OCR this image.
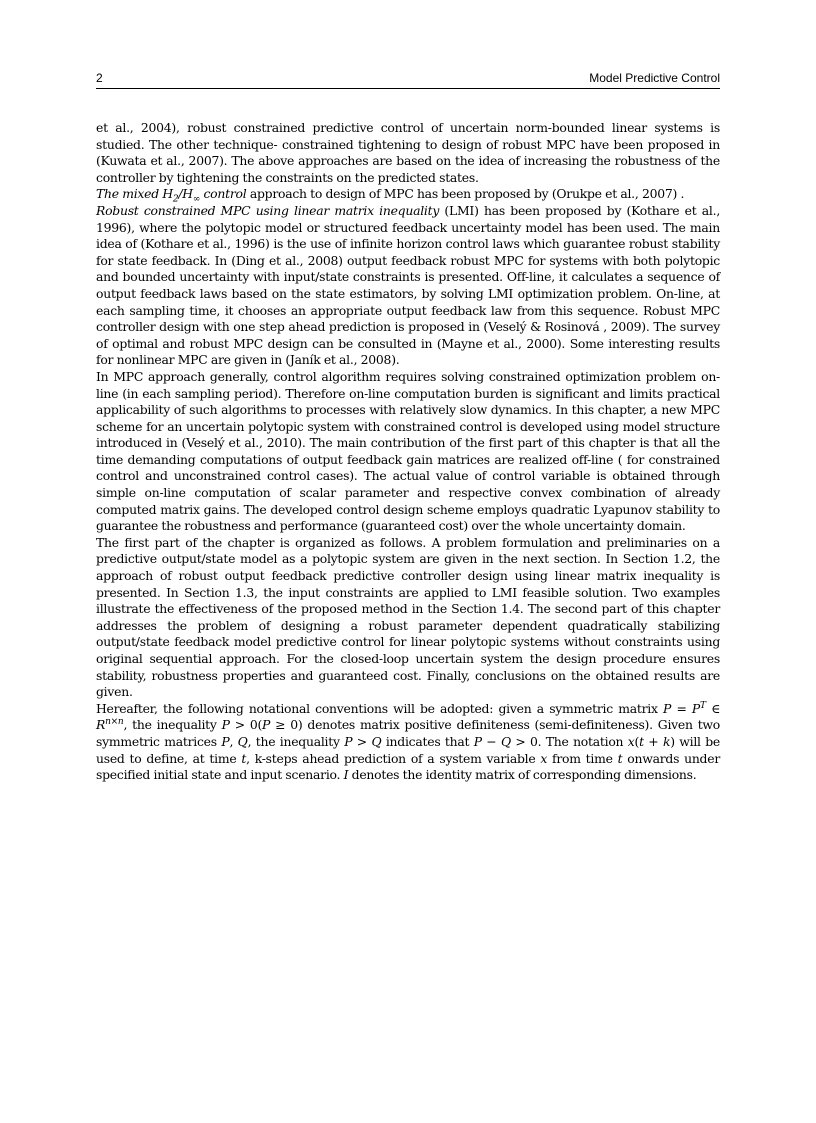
2	Model Predictive Control

et al., 2004), robust constrained predictive control of uncertain norm-bounded linear systems is studied. The other technique- constrained tightening to design of robust MPC have been proposed in (Kuwata et al., 2007). The above approaches are based on the idea of increasing the robustness of the controller by tightening the constraints on the predicted states.

The mixed $H_2/H_\infty$ control approach to design of MPC has been proposed by (Orukpe et al., 2007) .

Robust constrained MPC using linear matrix inequality (LMI) has been proposed by (Kothare et al., 1996), where the polytopic model or structured feedback uncertainty model has been used. The main idea of (Kothare et al., 1996) is the use of infinite horizon control laws which guarantee robust stability for state feedback. In (Ding et al., 2008) output feedback robust MPC for systems with both polytopic and bounded uncertainty with input/state constraints is presented. Off-line, it calculates a sequence of output feedback laws based on the state estimators, by solving LMI optimization problem. On-line, at each sampling time, it chooses an appropriate output feedback law from this sequence. Robust MPC controller design with one step ahead prediction is proposed in (Veselý & Rosinová , 2009). The survey of optimal and robust MPC design can be consulted in (Mayne et al., 2000). Some interesting results for nonlinear MPC are given in (Janík et al., 2008).

In MPC approach generally, control algorithm requires solving constrained optimization problem on-line (in each sampling period). Therefore on-line computation burden is significant and limits practical applicability of such algorithms to processes with relatively slow dynamics. In this chapter, a new MPC scheme for an uncertain polytopic system with constrained control is developed using model structure introduced in (Veselý et al., 2010). The main contribution of the first part of this chapter is that all the time demanding computations of output feedback gain matrices are realized off-line ( for constrained control and unconstrained control cases). The actual value of control variable is obtained through simple on-line computation of scalar parameter and respective convex combination of already computed matrix gains. The developed control design scheme employs quadratic Lyapunov stability to guarantee the robustness and performance (guaranteed cost) over the whole uncertainty domain.

The first part of the chapter is organized as follows. A problem formulation and preliminaries on a predictive output/state model as a polytopic system are given in the next section. In Section 1.2, the approach of robust output feedback predictive controller design using linear matrix inequality is presented. In Section 1.3, the input constraints are applied to LMI feasible solution. Two examples illustrate the effectiveness of the proposed method in the Section 1.4. The second part of this chapter addresses the problem of designing a robust parameter dependent quadratically stabilizing output/state feedback model predictive control for linear polytopic systems without constraints using original sequential approach. For the closed-loop uncertain system the design procedure ensures stability, robustness properties and guaranteed cost. Finally, conclusions on the obtained results are given.

Hereafter, the following notational conventions will be adopted: given a symmetric matrix $P = P^T$ ∈ $R^{n\times n}$, the inequality P > 0(P ≥ 0) denotes matrix positive definiteness (semi-definiteness). Given two symmetric matrices P, Q, the inequality P > Q indicates that P − Q > 0. The notation x(t + k) will be used to define, at time t, k-steps ahead prediction of a system variable x from time t onwards under specified initial state and input scenario. I denotes the identity matrix of corresponding dimensions.
